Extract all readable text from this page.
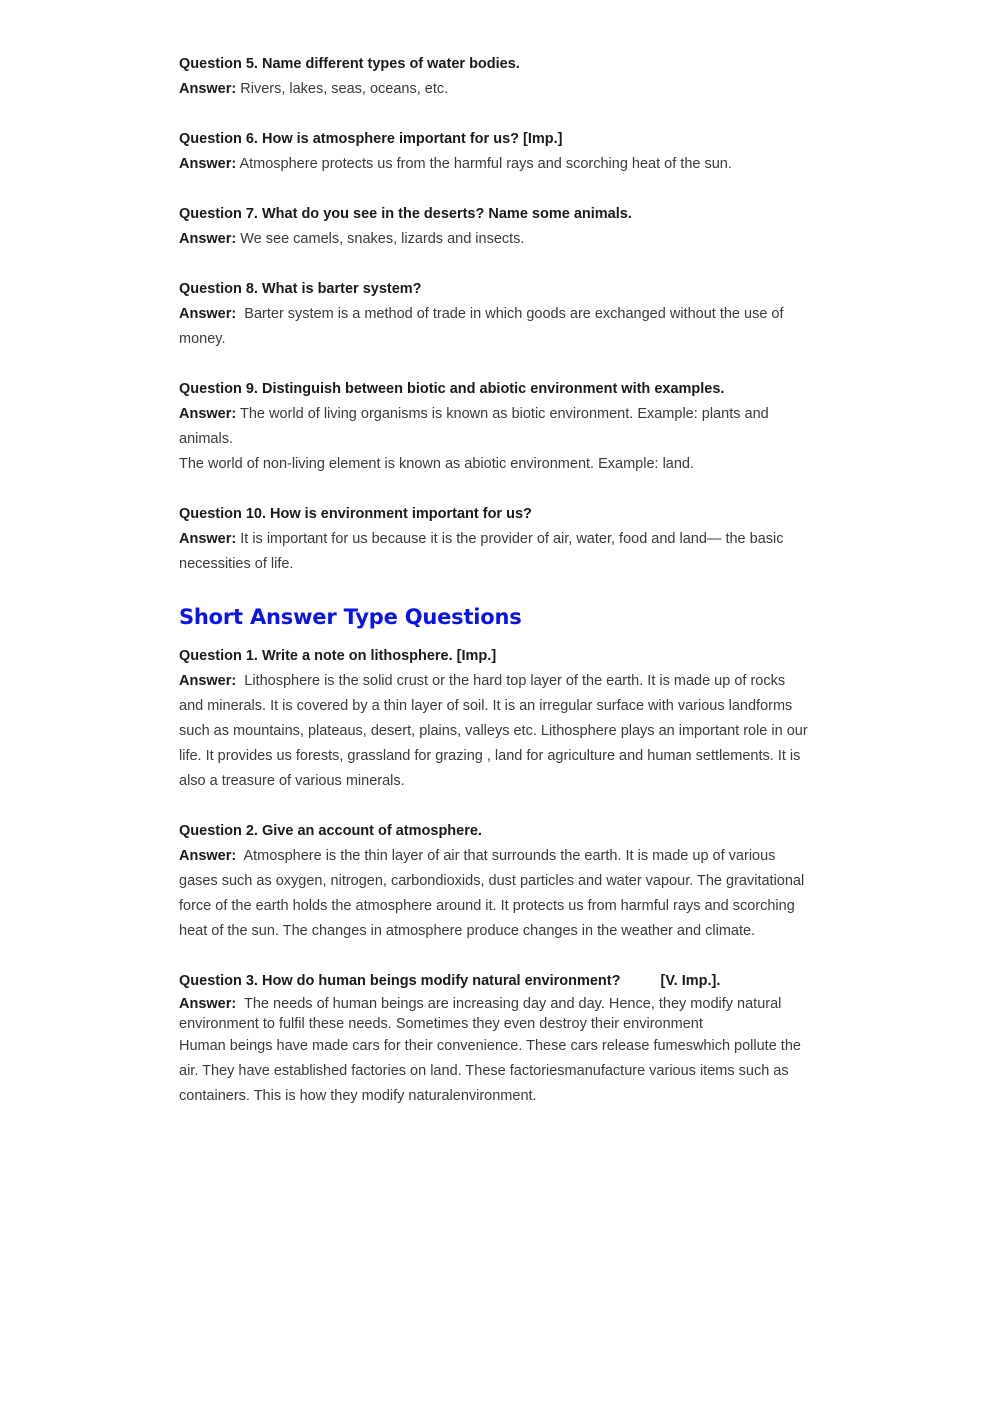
Question 5. Name different types of water bodies.

Answer: Rivers, lakes, seas, oceans, etc.

Question 6. How is atmosphere important for us? [Imp.]

Answer: Atmosphere protects us from the harmful rays and scorching heat of the sun.

Question 7. What do you see in the deserts? Name some animals.

Answer: We see camels, snakes, lizards and insects.

Question 8. What is barter system?

Answer: Barter system is a method of trade in which goods are exchanged without the use of money.

Question 9. Distinguish between biotic and abiotic environment with examples.

Answer: The world of living organisms is known as biotic environment. Example: plants and animals.

The world of non-living element is known as abiotic environment. Example: land.

Question 10. How is environment important for us?

Answer: It is important for us because it is the provider of air, water, food and land— the basic necessities of life.

Short Answer Type Questions

Question 1. Write a note on lithosphere. [Imp.]

Answer: Lithosphere is the solid crust or the hard top layer of the earth. It is made up of rocks and minerals. It is covered by a thin layer of soil. It is an irregular surface with various landforms such as mountains, plateaus, desert, plains, valleys etc. Lithosphere plays an important role in our life. It provides us forests, grassland for grazing , land for agriculture and human settlements. It is also a treasure of various minerals.

Question 2. Give an account of atmosphere.

Answer: Atmosphere is the thin layer of air that surrounds the earth. It is made up of various gases such as oxygen, nitrogen, carbondioxids, dust particles and water vapour. The gravitational force of the earth holds the atmosphere around it. It protects us from harmful rays and scorching heat of the sun. The changes in atmosphere produce changes in the weather and climate.

Question 3. How do human beings modify natural environment?	[V. Imp.].

Answer: The needs of human beings are increasing day and day. Hence, they modify natural environment to fulfil these needs. Sometimes they even destroy their environment

Human beings have made cars for their convenience. These cars release fumeswhich pollute the air. They have established factories on land. These factoriesmanufacture various items such as containers. This is how they modify naturalenvironment.
